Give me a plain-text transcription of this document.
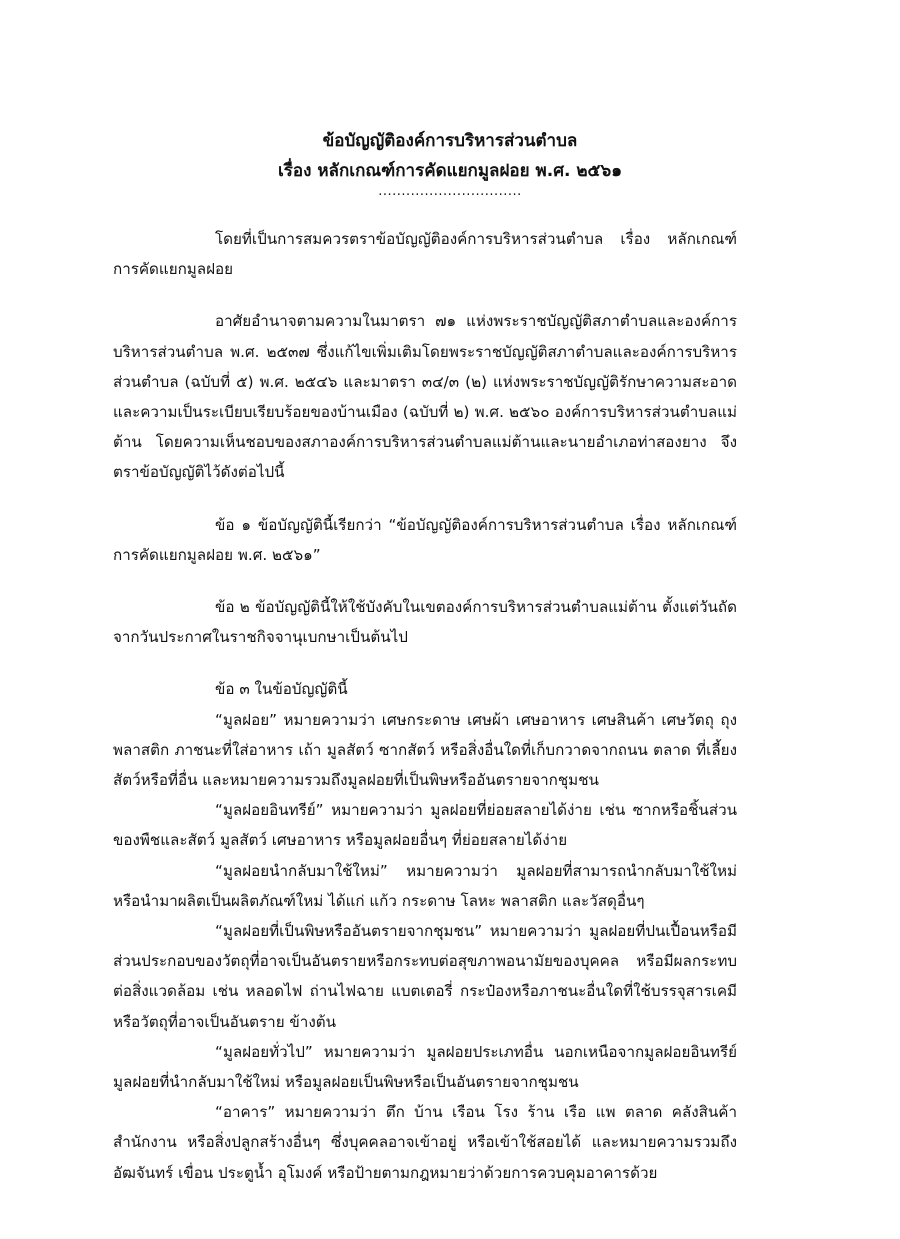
ข้อบัญญัติองค์การบริหารส่วนตำบล
เรื่อง หลักเกณฑ์การคัดแยกมูลฝอย พ.ศ. ๒๕๖๑
...............................

โดยที่เป็นการสมควรตราข้อบัญญัติองค์การบริหารส่วนตำบล เรื่อง หลักเกณฑ์การคัดแยกมูลฝอย

อาศัยอำนาจตามความในมาตรา ๗๑ แห่งพระราชบัญญัติสภาตำบลและองค์การบริหารส่วนตำบล พ.ศ. ๒๕๓๗ ซึ่งแก้ไขเพิ่มเติมโดยพระราชบัญญัติสภาตำบลและองค์การบริหารส่วนตำบล (ฉบับที่ ๕) พ.ศ. ๒๕๔๖ และมาตรา ๓๔/๓ (๒) แห่งพระราชบัญญัติรักษาความสะอาดและความเป็นระเบียบเรียบร้อยของบ้านเมือง (ฉบับที่ ๒) พ.ศ. ๒๕๖๐ องค์การบริหารส่วนตำบลแม่ต้าน โดยความเห็นชอบของสภาองค์การบริหารส่วนตำบลแม่ต้านและนายอำเภอท่าสองยาง จึงตราข้อบัญญัติไว้ดังต่อไปนี้

ข้อ ๑ ข้อบัญญัตินี้เรียกว่า “ข้อบัญญัติองค์การบริหารส่วนตำบล เรื่อง หลักเกณฑ์การคัดแยกมูลฝอย พ.ศ. ๒๕๖๑”

ข้อ ๒ ข้อบัญญัตินี้ให้ใช้บังคับในเขตองค์การบริหารส่วนตำบลแม่ต้าน ตั้งแต่วันถัดจากวันประกาศในราชกิจจานุเบกษาเป็นต้นไป

ข้อ ๓ ในข้อบัญญัตินี้

“มูลฝอย” หมายความว่า เศษกระดาษ เศษผ้า เศษอาหาร เศษสินค้า เศษวัตถุ ถุงพลาสติก ภาชนะที่ใส่อาหาร เถ้า มูลสัตว์ ซากสัตว์ หรือสิ่งอื่นใดที่เก็บกวาดจากถนน ตลาด ที่เลี้ยงสัตว์หรือที่อื่น และหมายความรวมถึงมูลฝอยที่เป็นพิษหรืออันตรายจากชุมชน

“มูลฝอยอินทรีย์” หมายความว่า มูลฝอยที่ย่อยสลายได้ง่าย เช่น ซากหรือชิ้นส่วนของพืชและสัตว์ มูลสัตว์ เศษอาหาร หรือมูลฝอยอื่นๆ ที่ย่อยสลายได้ง่าย

“มูลฝอยนำกลับมาใช้ใหม่” หมายความว่า มูลฝอยที่สามารถนำกลับมาใช้ใหม่หรือนำมาผลิตเป็นผลิตภัณฑ์ใหม่ ได้แก่ แก้ว กระดาษ โลหะ พลาสติก และวัสดุอื่นๆ

“มูลฝอยที่เป็นพิษหรืออันตรายจากชุมชน” หมายความว่า มูลฝอยที่ปนเปื้อนหรือมีส่วนประกอบของวัตถุที่อาจเป็นอันตรายหรือกระทบต่อสุขภาพอนามัยของบุคคล หรือมีผลกระทบต่อสิ่งแวดล้อม เช่น หลอดไฟ ถ่านไฟฉาย แบตเตอรี่ กระป๋องหรือภาชนะอื่นใดที่ใช้บรรจุสารเคมี หรือวัตถุที่อาจเป็นอันตราย ข้างต้น

“มูลฝอยทั่วไป” หมายความว่า มูลฝอยประเภทอื่น นอกเหนือจากมูลฝอยอินทรีย์ มูลฝอยที่นำกลับมาใช้ใหม่ หรือมูลฝอยเป็นพิษหรือเป็นอันตรายจากชุมชน

“อาคาร” หมายความว่า ตึก บ้าน เรือน โรง ร้าน เรือ แพ ตลาด คลังสินค้า สำนักงาน หรือสิ่งปลูกสร้างอื่นๆ ซึ่งบุคคลอาจเข้าอยู่ หรือเข้าใช้สอยได้ และหมายความรวมถึงอัฒจันทร์ เขื่อน ประตูน้ำ อุโมงค์ หรือป้ายตามกฎหมายว่าด้วยการควบคุมอาคารด้วย
